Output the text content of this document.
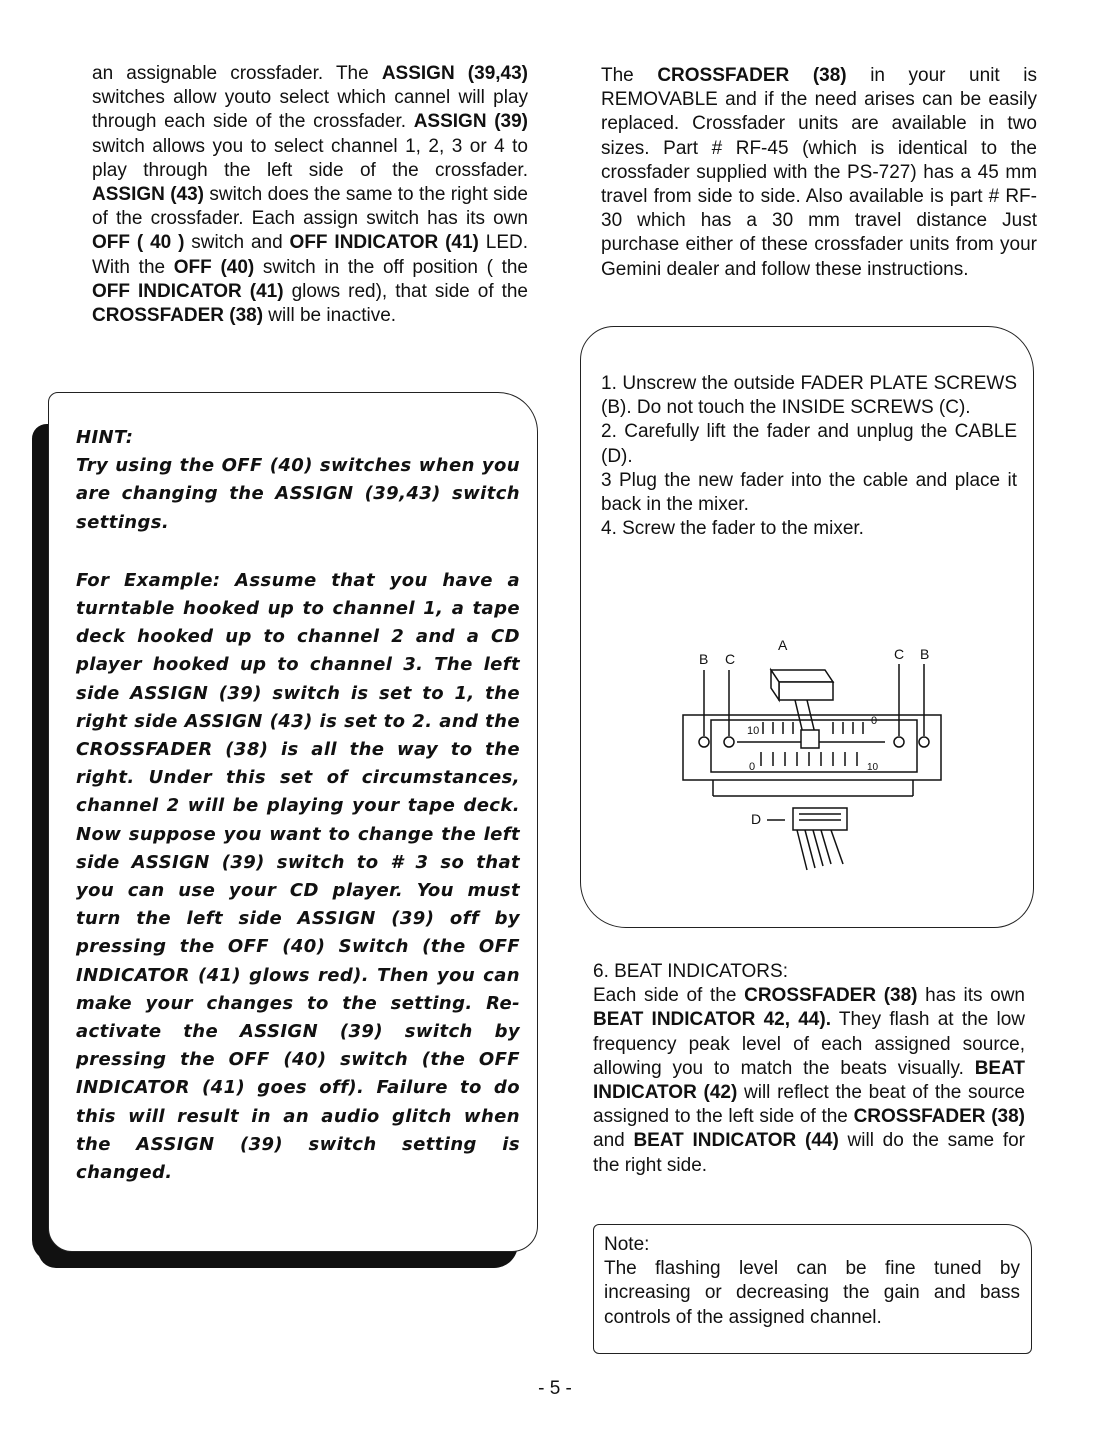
an assignable crossfader. The ASSIGN (39,43) switches allow youto select which cannel will play through each side of the crossfader. ASSIGN (39) switch allows you to select channel 1, 2, 3 or 4 to play through the left side of the crossfader. ASSIGN (43) switch does the same to the right side of the crossfader. Each assign switch has its own OFF ( 40 ) switch and OFF INDICATOR (41) LED. With the OFF (40) switch in the off position ( the OFF INDICATOR (41) glows red), that side of the CROSSFADER (38) will be inactive.

HINT:

Try using the OFF (40) switches when you are changing the ASSIGN (39,43) switch settings.

For Example: Assume that you have a turntable hooked up to channel 1, a tape deck hooked up to channel 2 and a CD player hooked up to channel 3. The left side ASSIGN (39) switch is set to 1, the right side ASSIGN (43) is set to 2. and the CROSSFADER (38) is all the way to the right. Under this set of circumstances, channel 2 will be playing your tape deck. Now suppose you want to change the left side ASSIGN (39) switch to # 3 so that you can use your CD player. You must turn the left side ASSIGN (39) off by pressing the OFF (40) Switch (the OFF INDICATOR (41) glows red). Then you can make your changes to the setting. Re-activate the ASSIGN (39) switch by pressing the OFF (40) switch (the OFF INDICATOR (41) goes off). Failure to do this will result in an audio glitch when the ASSIGN (39) switch setting is changed.

The CROSSFADER (38) in your unit is REMOVABLE and if the need arises can be easily replaced. Crossfader units are available in two sizes. Part # RF-45 (which is identical to the crossfader supplied with the PS-727) has a 45 mm travel from side to side. Also available is part # RF-30 which has a 30 mm travel distance Just purchase either of these crossfader units from your Gemini dealer and follow these instructions.

1. Unscrew the outside FADER PLATE SCREWS (B). Do not touch the INSIDE SCREWS (C).

2. Carefully lift the fader and unplug the CABLE (D).

3 Plug the new fader into the cable and place it back in the mixer.

4. Screw the fader to the mixer.

B C
A
C B
D
10
0
0	10

6. BEAT INDICATORS:

Each side of the CROSSFADER (38) has its own BEAT INDICATOR 42, 44). They flash at the low frequency peak level of each assigned source, allowing you to match the beats visually. BEAT INDICATOR (42) will reflect the beat of the source assigned to the left side of the CROSSFADER (38) and BEAT INDICATOR (44) will do the same for the right side.

Note:

The flashing level can be fine tuned by increasing or decreasing the gain and bass controls of the assigned channel.

- 5 -
